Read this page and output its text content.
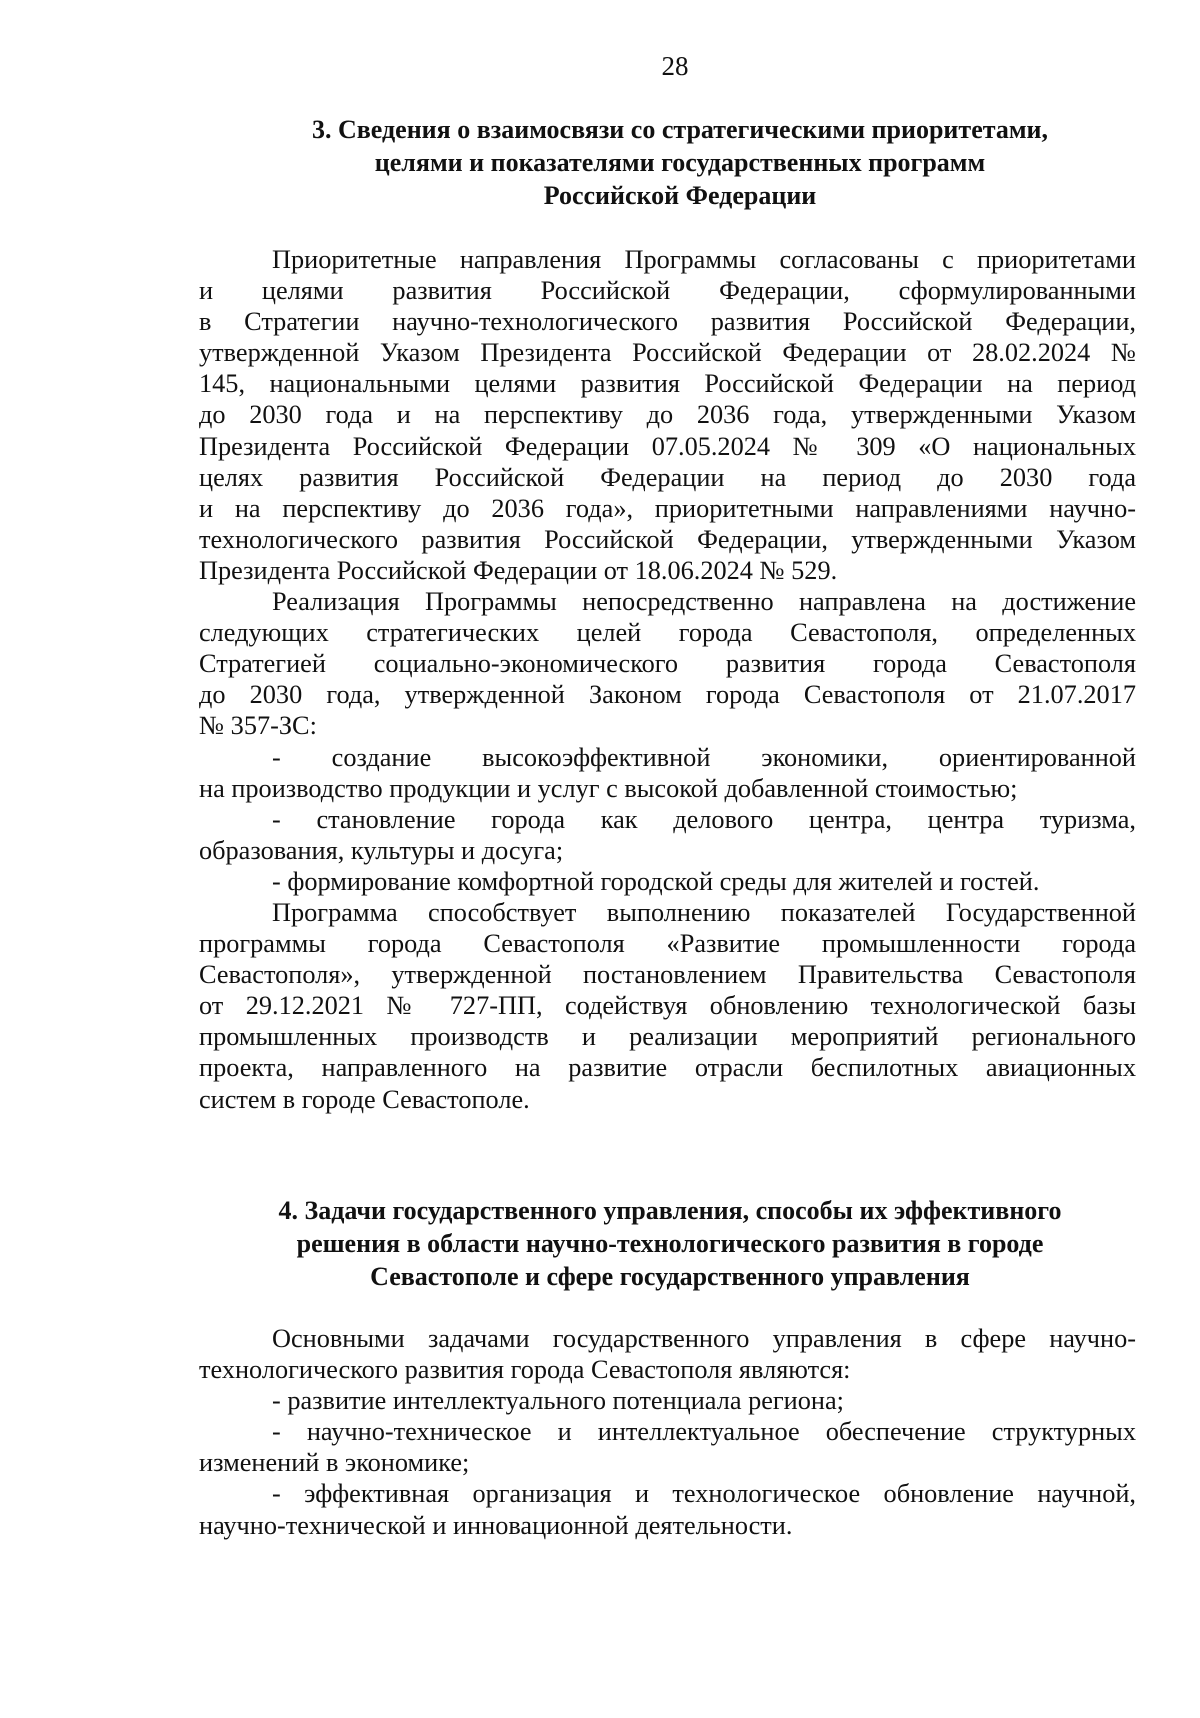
28
3. Сведения о взаимосвязи со стратегическими приоритетами,
целями и показателями государственных программ
Российской Федерации
Приоритетные направления Программы согласованы с приоритетами
и целями развития Российской Федерации, сформулированными
в Стратегии научно-технологического развития Российской Федерации,
утвержденной Указом Президента Российской Федерации от 28.02.2024 №
145, национальными целями развития Российской Федерации на период
до 2030 года и на перспективу до 2036 года, утвержденными Указом
Президента Российской Федерации 07.05.2024 № 309 «О национальных
целях развития Российской Федерации на период до 2030 года
и на перспективу до 2036 года», приоритетными направлениями научно-
технологического развития Российской Федерации, утвержденными Указом
Президента Российской Федерации от 18.06.2024 № 529.
Реализация Программы непосредственно направлена на достижение
следующих стратегических целей города Севастополя, определенных
Стратегией социально-экономического развития города Севастополя
до 2030 года, утвержденной Законом города Севастополя от 21.07.2017
№ 357-ЗС:
- создание высокоэффективной экономики, ориентированной
на производство продукции и услуг с высокой добавленной стоимостью;
- становление города как делового центра, центра туризма,
образования, культуры и досуга;
- формирование комфортной городской среды для жителей и гостей.
Программа способствует выполнению показателей Государственной
программы города Севастополя «Развитие промышленности города
Севастополя», утвержденной постановлением Правительства Севастополя
от 29.12.2021 № 727-ПП, содействуя обновлению технологической базы
промышленных производств и реализации мероприятий регионального
проекта, направленного на развитие отрасли беспилотных авиационных
систем в городе Севастополе.
4. Задачи государственного управления, способы их эффективного
решения в области научно-технологического развития в городе
Севастополе и сфере государственного управления
Основными задачами государственного управления в сфере научно-
технологического развития города Севастополя являются:
- развитие интеллектуального потенциала региона;
- научно-техническое и интеллектуальное обеспечение структурных
изменений в экономике;
- эффективная организация и технологическое обновление научной,
научно-технической и инновационной деятельности.
